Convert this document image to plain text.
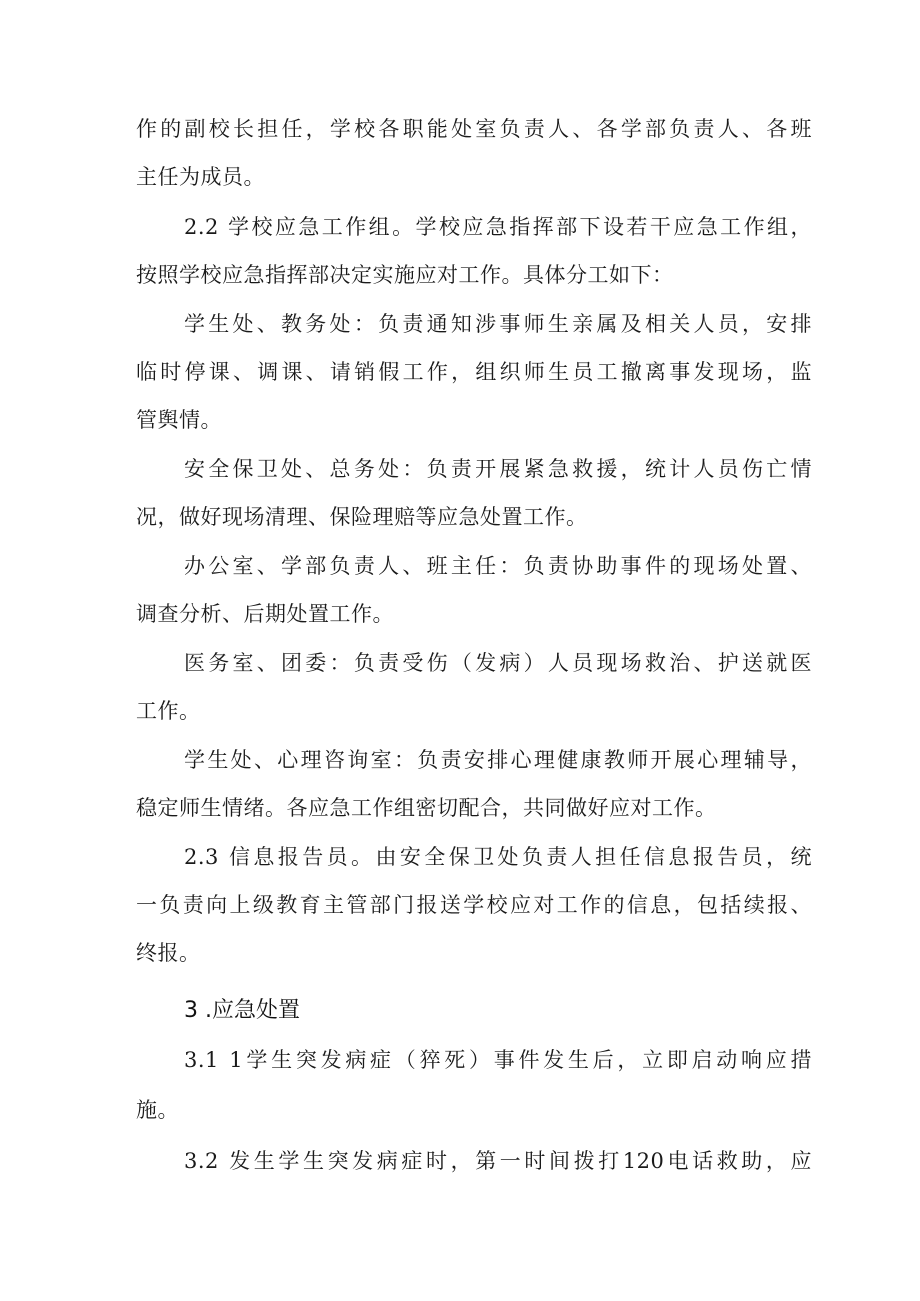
作的副校长担任，学校各职能处室负责人、各学部负责人、各班
主任为成员。
2.2 学校应急工作组。学校应急指挥部下设若干应急工作组，
按照学校应急指挥部决定实施应对工作。具体分工如下：
学生处、教务处：负责通知涉事师生亲属及相关人员，安排
临时停课、调课、请销假工作，组织师生员工撤离事发现场，监
管舆情。
安全保卫处、总务处：负责开展紧急救援，统计人员伤亡情
况，做好现场清理、保险理赔等应急处置工作。
办公室、学部负责人、班主任：负责协助事件的现场处置、
调查分析、后期处置工作。
医务室、团委：负责受伤（发病）人员现场救治、护送就医
工作。
学生处、心理咨询室：负责安排心理健康教师开展心理辅导，
稳定师生情绪。各应急工作组密切配合，共同做好应对工作。
2.3 信息报告员。由安全保卫处负责人担任信息报告员，统
一负责向上级教育主管部门报送学校应对工作的信息，包括续报、
终报。
3 .应急处置
3.1 1学生突发病症（猝死）事件发生后，立即启动响应措
施。
3.2 发生学生突发病症时，第一时间拨打120电话救助，应
